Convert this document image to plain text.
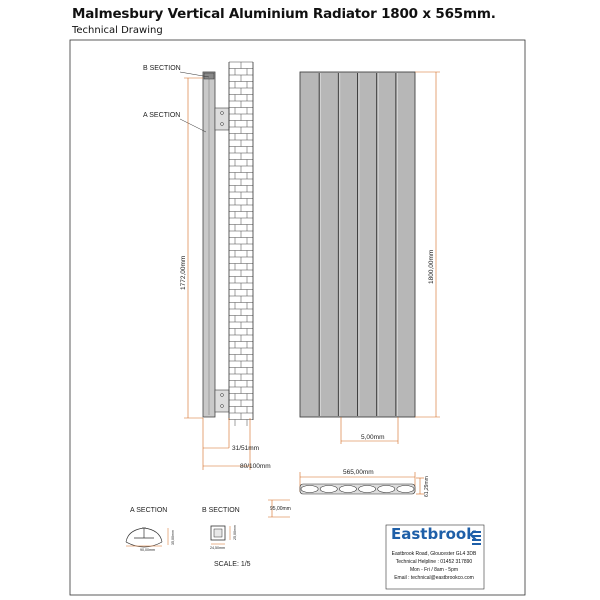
Malmesbury Vertical Aluminium Radiator 1800 x 565mm.
Technical Drawing
B SECTION
A SECTION
1772,00mm
31/51mm
80/100mm
1800,00mm
5,00mm
565,00mm
61,29mm
95,00mm
A SECTION	B SECTION
90,00mm
35,00mm
24,50mm
25,00mm
SCALE: 1/5
Eastbrook
Eastbrook Road, Gloucester GL4 3DB
Technical Helpline : 01452 317890
Mon - Fri / 8am - 5pm
Email : technical@eastbrookco.com
